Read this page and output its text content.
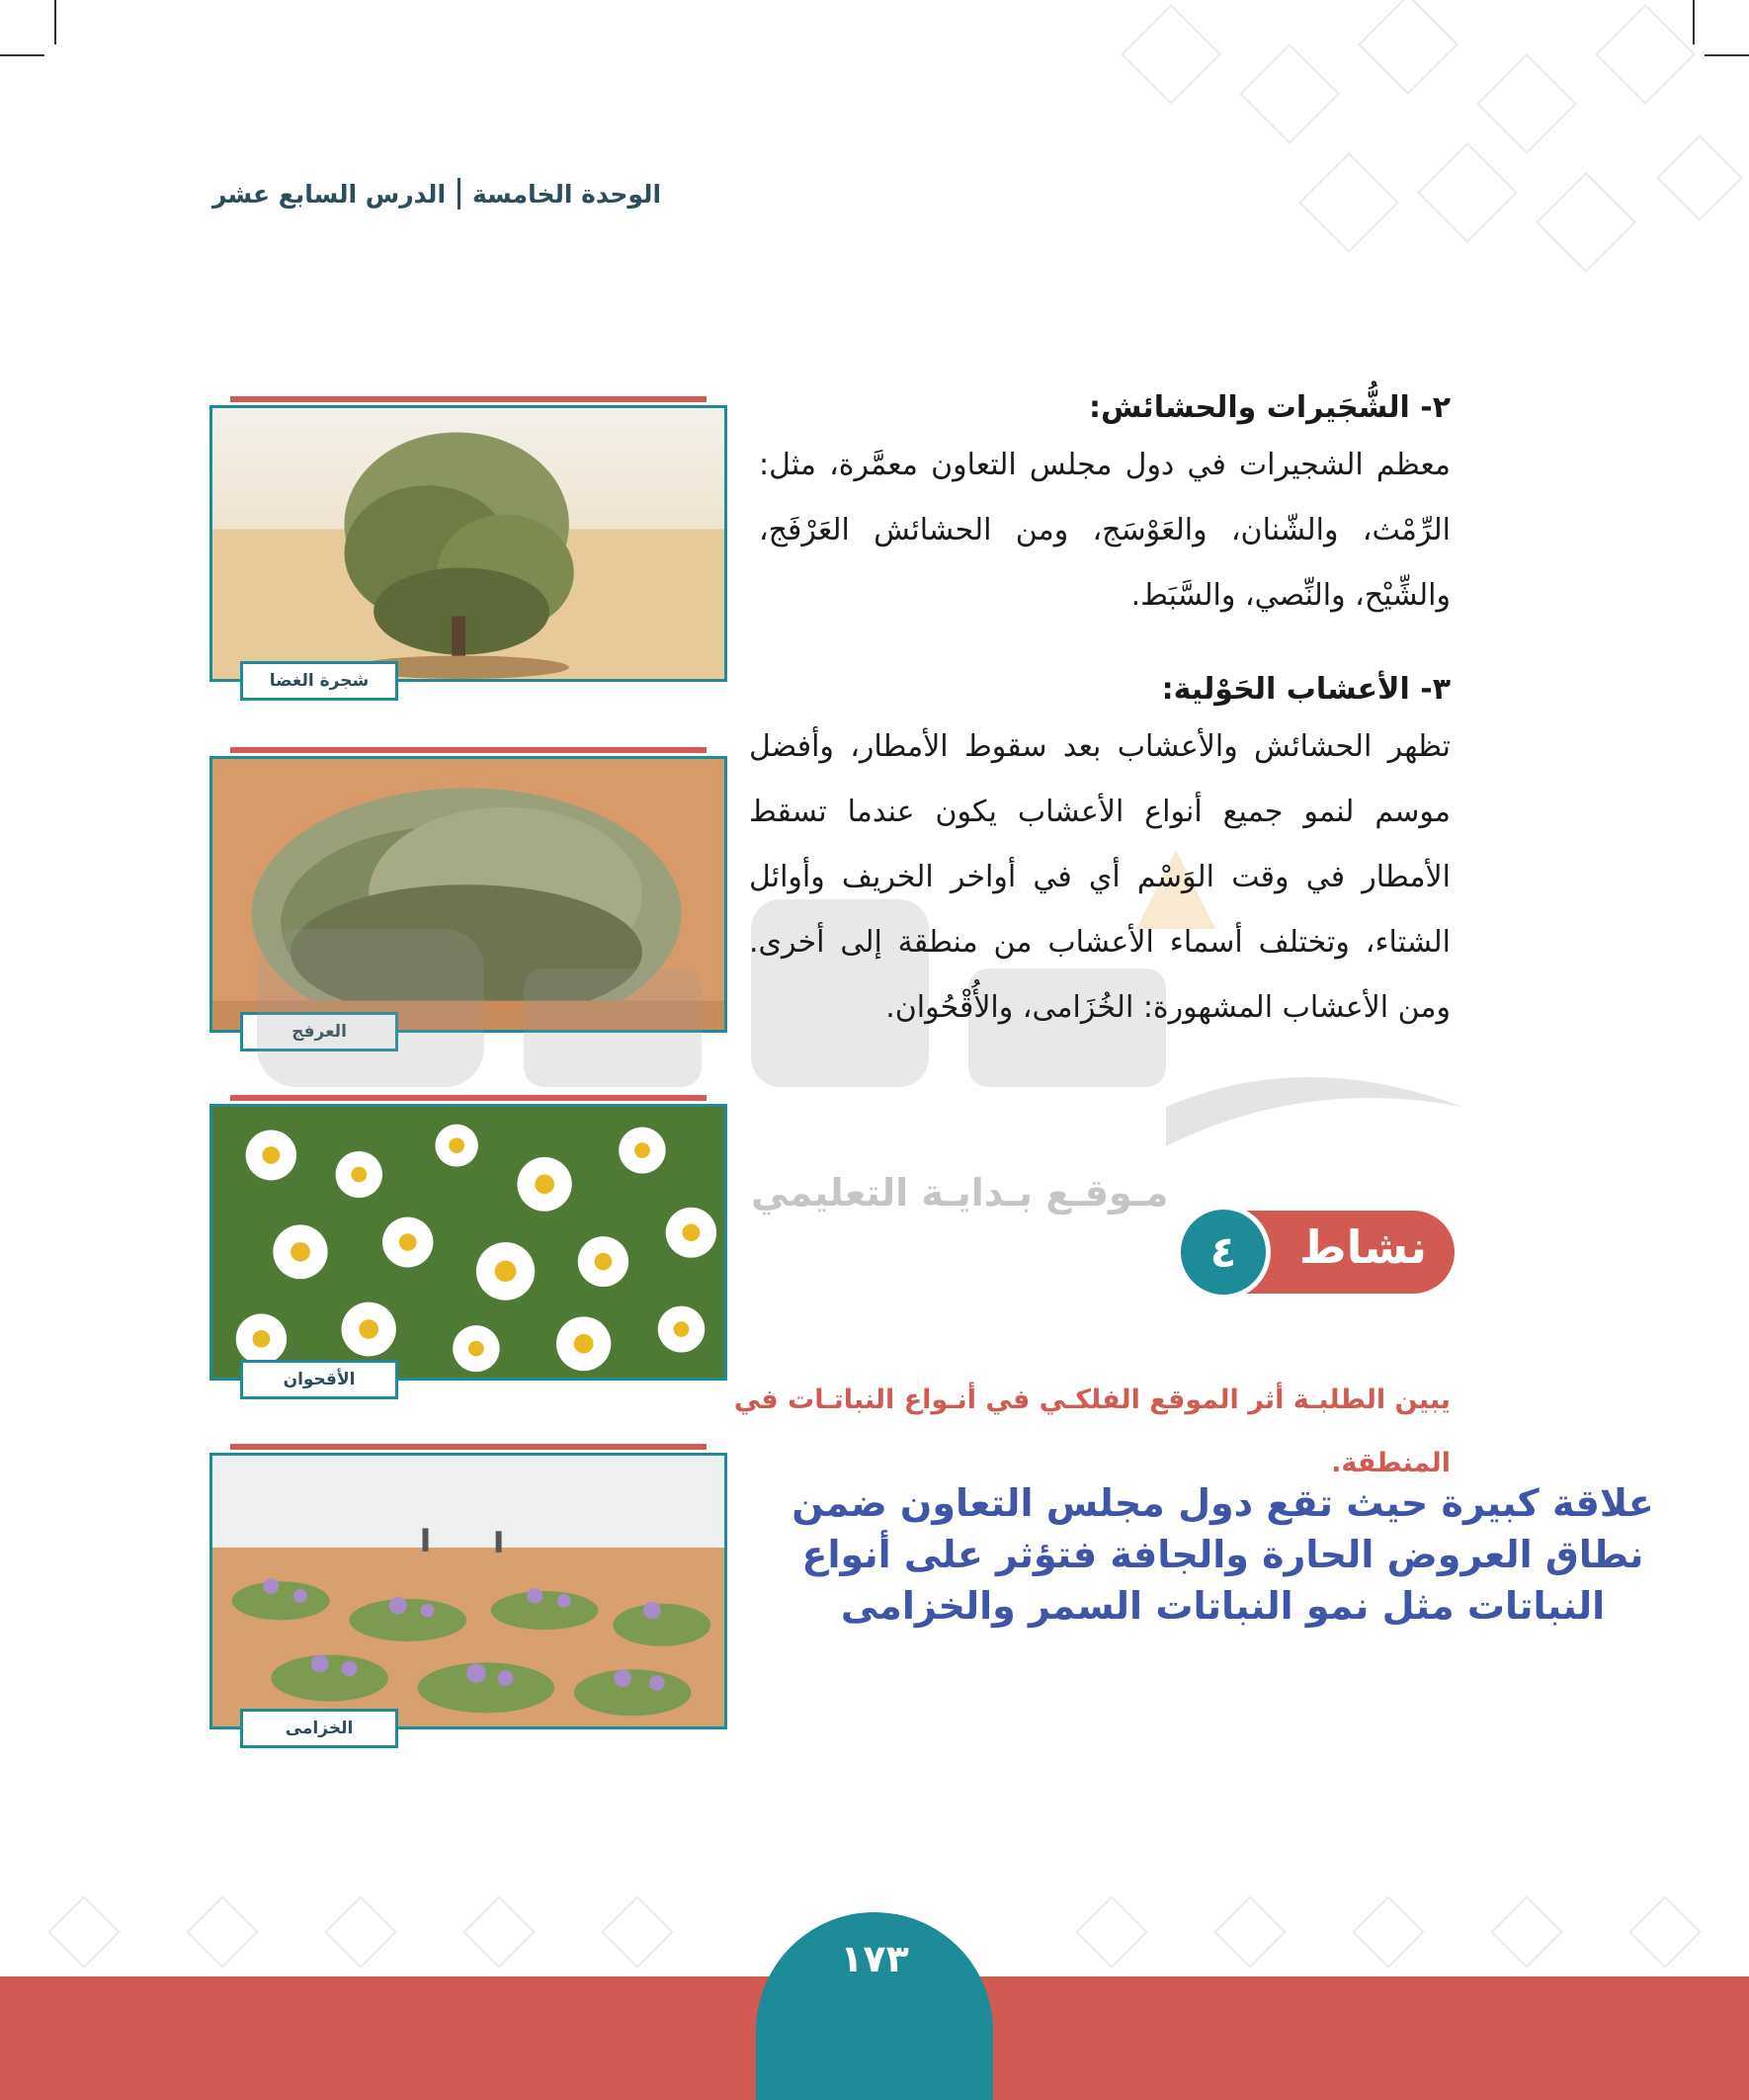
الوحدة الخامسة
الدرس السابع عشر
شجرة الغضا
العرفج
الأقحوان
الخزامى
مـوقـع بـدايـة التعليمي
٢- الشُّجَيرات والحشائش:
معظم الشجيرات في دول مجلس التعاون معمَّرة، مثل: الرِّمْث، والشّنان، والعَوْسَج، ومن الحشائش العَرْفَج، والشِّيْح، والنِّصي، والسَّبَط.
٣- الأعشاب الحَوْلية:
تظهر الحشائش والأعشاب بعد سقوط الأمطار، وأفضل موسم لنمو جميع أنواع الأعشاب يكون عندما تسقط الأمطار في وقت الوَسْم أي في أواخر الخريف وأوائل الشتاء، وتختلف أسماء الأعشاب من منطقة إلى أخرى. ومن الأعشاب المشهورة: الخُزَامى، والأُقْحُوان.
نشاط
٤
يبين الطلبـة أثر الموقع الفلكـي في أنـواع النباتـات في المنطقة.
علاقة كبيرة حيث تقع دول مجلس التعاون ضمن نطاق العروض الحارة والجافة فتؤثر على أنواع النباتات مثل نمو النباتات السمر والخزامى
١٧٣
